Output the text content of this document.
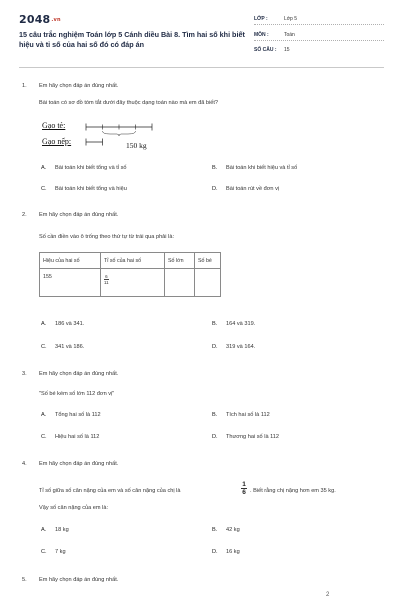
2048.vn
15 câu trắc nghiệm Toán lớp 5 Cánh diều Bài 8. Tìm hai số khi biết hiệu và tỉ số của hai số đó có đáp án
LỚP :	Lớp 5
MÔN :	Toán
SỐ CÂU : 15
1. Em hãy chọn đáp án đúng nhất.
Bài toán có sơ đồ tóm tắt dưới đây thuộc dạng toán nào mà em đã biết?
Gạo tẻ:
Gạo nếp:	150 kg
A. Bài toán khi biết tổng và tỉ số	B. Bài toán khi biết hiệu và tỉ số
C. Bài toán khi biết tổng và hiệu	D. Bài toán rút về đơn vị
2. Em hãy chọn đáp án đúng nhất.
Số cần điền vào ô trống theo thứ tự từ trái qua phải là:
Hiệu của hai số	Tỉ số của hai số	Số lớn	Số bé
155	$\frac{6}{11}$

A. 186 và 341.	B. 164 và 319.
C. 341 và 186.	D. 319 và 164.
3. Em hãy chọn đáp án đúng nhất.
"Số bé kém số lớn 112 đơn vị"
A. Tổng hai số là 112	B. Tích hai số là 112
C. Hiệu hai số là 112	D. Thương hai số là 112
4. Em hãy chọn đáp án đúng nhất.
Tỉ số giữa số cân nặng của em và số cân nặng của chị là	$\frac{1}{6}$ . Biết rằng chị nặng hơn em 35 kg.
Vậy số cân nặng của em là:
A. 18 kg	B. 42 kg
C. 7 kg	D. 16 kg
5. Em hãy chọn đáp án đúng nhất.
2
